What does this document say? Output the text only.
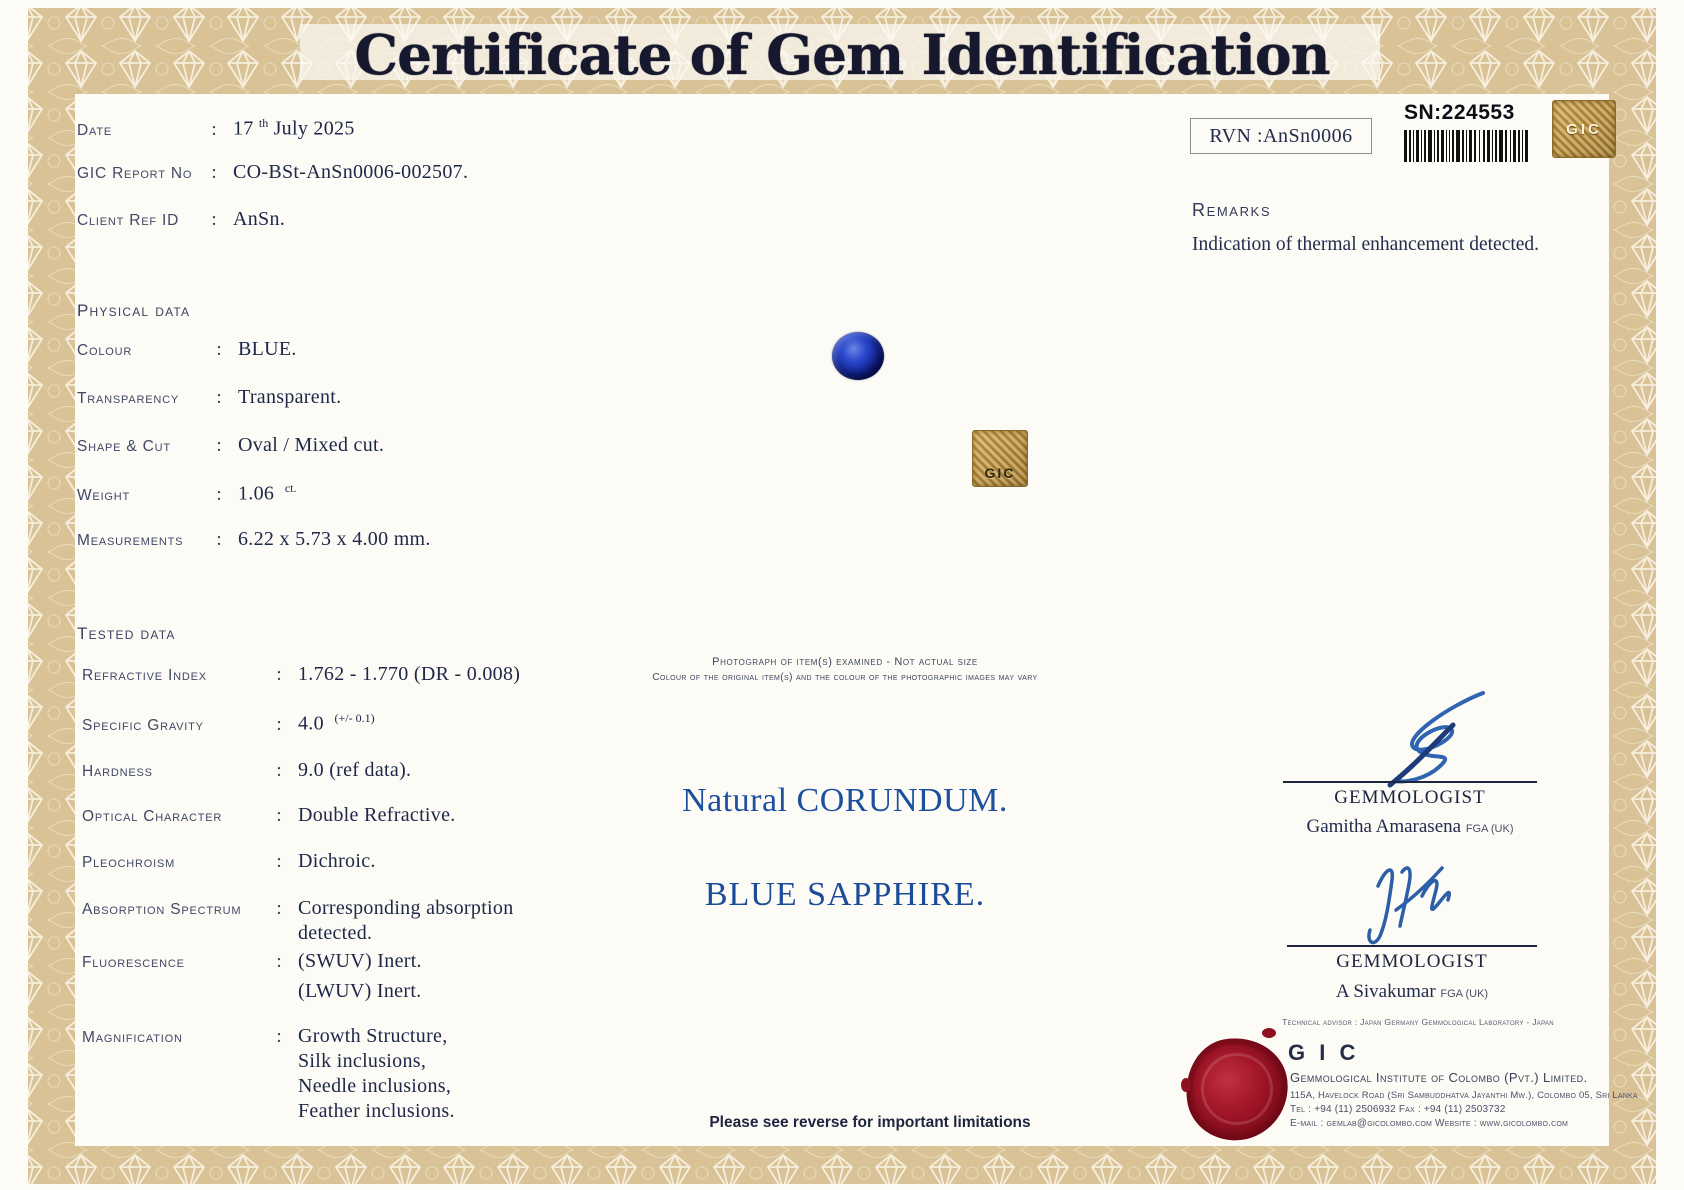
Certificate of Gem Identification
Date	: 17 $^{th}$ July 2025
GIC Report No	: CO-BSt-AnSn0006-002507.
Client Ref ID	: AnSn.
RVN :AnSn0006
SN:224553
GIC
Remarks
Indication of thermal enhancement detected.
Physical data
Colour	: BLUE.
Transparency	: Transparent.
Shape & Cut	: Oval / Mixed cut.
Weight	: 1.06 $^{ct.}$
Measurements	: 6.22 x 5.73 x 4.00 mm.
Tested data
Refractive Index	: 1.762 - 1.770 (DR - 0.008)
Specific Gravity	: 4.0 $^{(+/- 0.1)}$
Hardness	: 9.0 (ref data).
Optical Character	: Double Refractive.
Pleochroism	: Dichroic.
Absorption Spectrum	: Corresponding absorption
detected.
Fluorescence	: (SWUV) Inert.
(LWUV) Inert.
Magnification	: Growth Structure,
Silk inclusions,
Needle inclusions,
Feather inclusions.
GIC
Photograph of item(s) examined - Not actual size
Colour of the original item(s) and the colour of the photographic images may vary
Natural CORUNDUM.
BLUE SAPPHIRE.
GEMMOLOGIST
Gamitha Amarasena FGA (UK)
GEMMOLOGIST
A Sivakumar FGA (UK)
Technical advisor : Japan Germany Gemmological Laboratory - Japan
G I C
Gemmological Institute of Colombo (Pvt.) Limited.
115A, Havelock Road (Sri Sambuddhatva Jayanthi Mw.), Colombo 05, Sri Lanka
Tel : +94 (11) 2506932 Fax : +94 (11) 2503732
E-mail : gemlab@gicolombo.com Website : www.gicolombo.com
Please see reverse for important limitations
